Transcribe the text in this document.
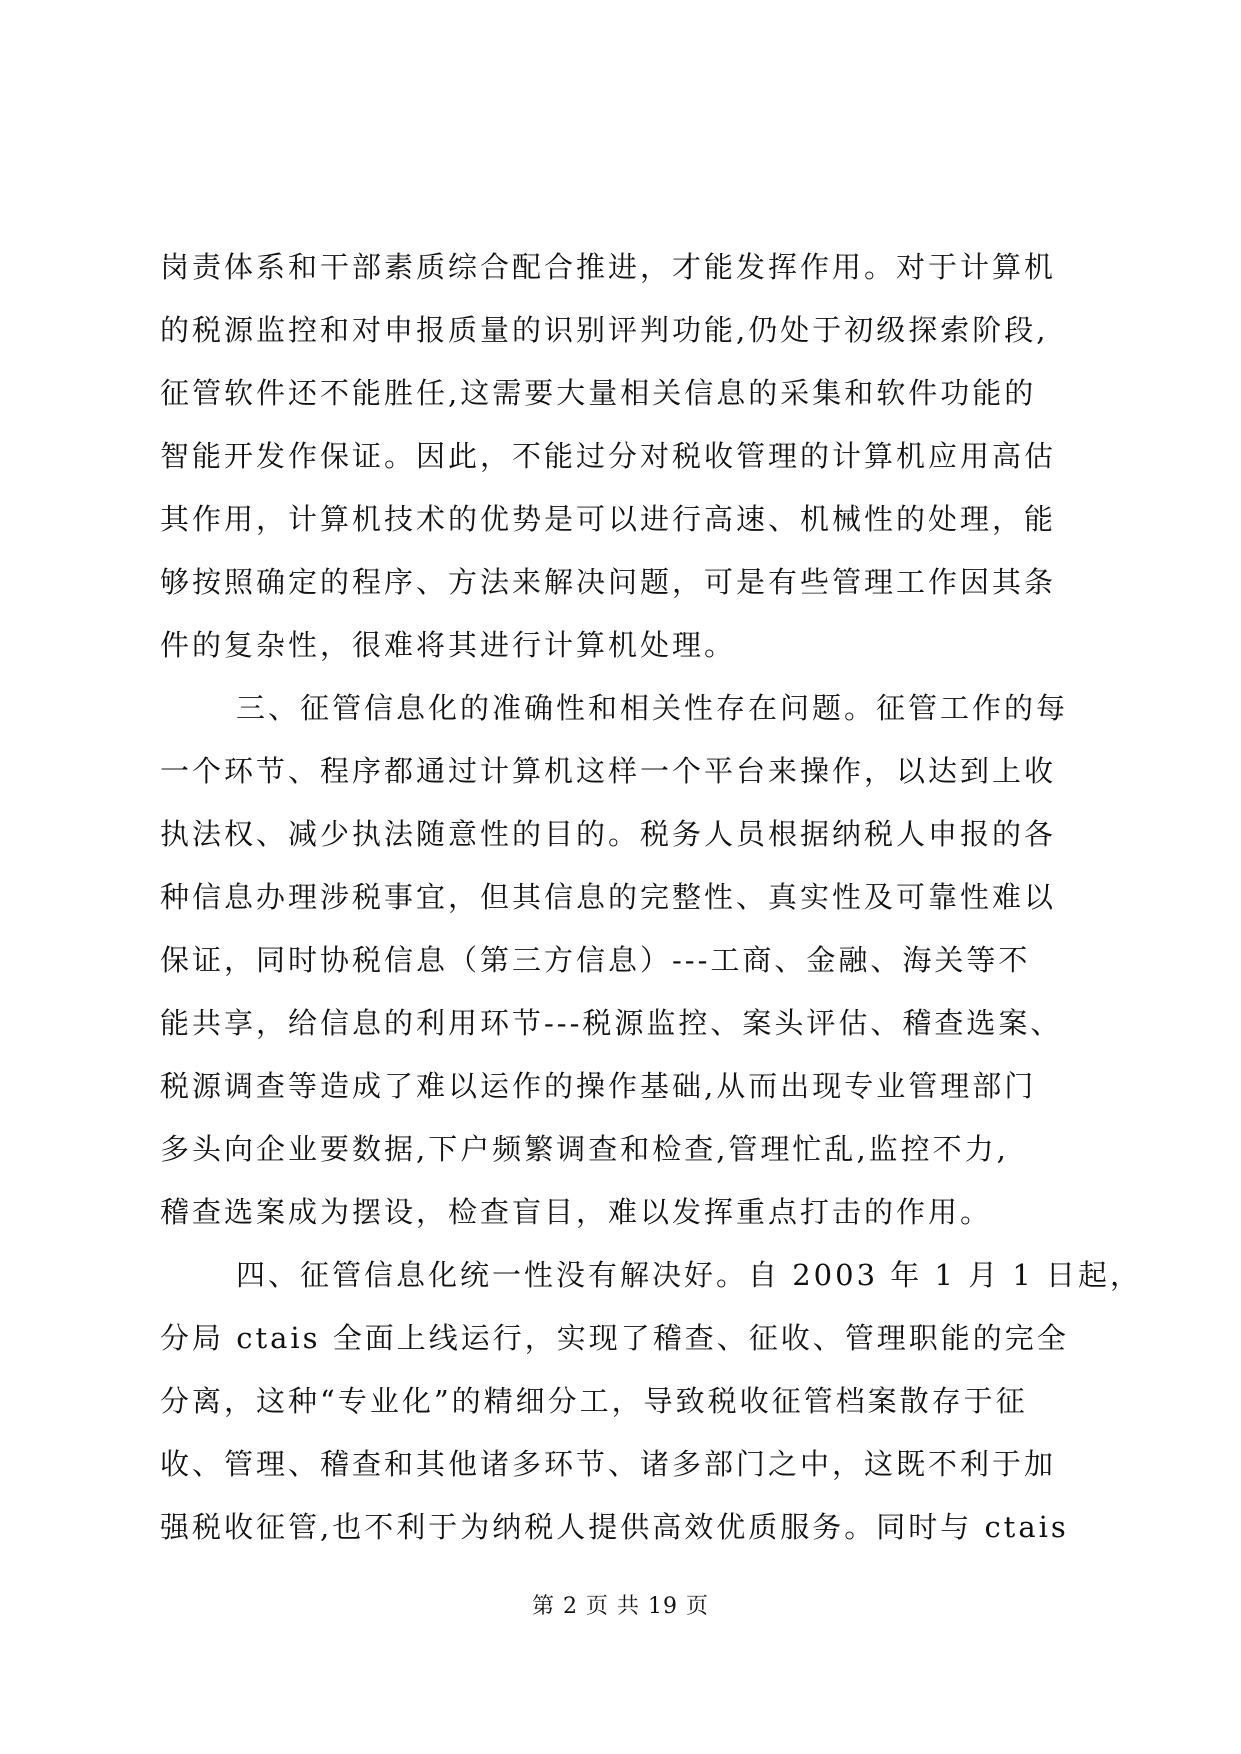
岗责体系和干部素质综合配合推进，才能发挥作用。对于计算机
的税源监控和对申报质量的识别评判功能,仍处于初级探索阶段,
征管软件还不能胜任,这需要大量相关信息的采集和软件功能的
智能开发作保证。因此，不能过分对税收管理的计算机应用高估
其作用，计算机技术的优势是可以进行高速、机械性的处理，能
够按照确定的程序、方法来解决问题，可是有些管理工作因其条
件的复杂性，很难将其进行计算机处理。
三、征管信息化的准确性和相关性存在问题。征管工作的每
一个环节、程序都通过计算机这样一个平台来操作，以达到上收
执法权、减少执法随意性的目的。税务人员根据纳税人申报的各
种信息办理涉税事宜，但其信息的完整性、真实性及可靠性难以
保证，同时协税信息（第三方信息）---工商、金融、海关等不
能共享，给信息的利用环节---税源监控、案头评估、稽查选案、
税源调查等造成了难以运作的操作基础,从而出现专业管理部门
多头向企业要数据,下户频繁调查和检查,管理忙乱,监控不力,
稽查选案成为摆设，检查盲目，难以发挥重点打击的作用。
四、征管信息化统一性没有解决好。自 2003 年 1 月 1 日起，
分局 ctais 全面上线运行，实现了稽查、征收、管理职能的完全
分离，这种“专业化”的精细分工，导致税收征管档案散存于征
收、管理、稽查和其他诸多环节、诸多部门之中，这既不利于加
强税收征管,也不利于为纳税人提供高效优质服务。同时与 ctais
第 2 页 共 19 页
